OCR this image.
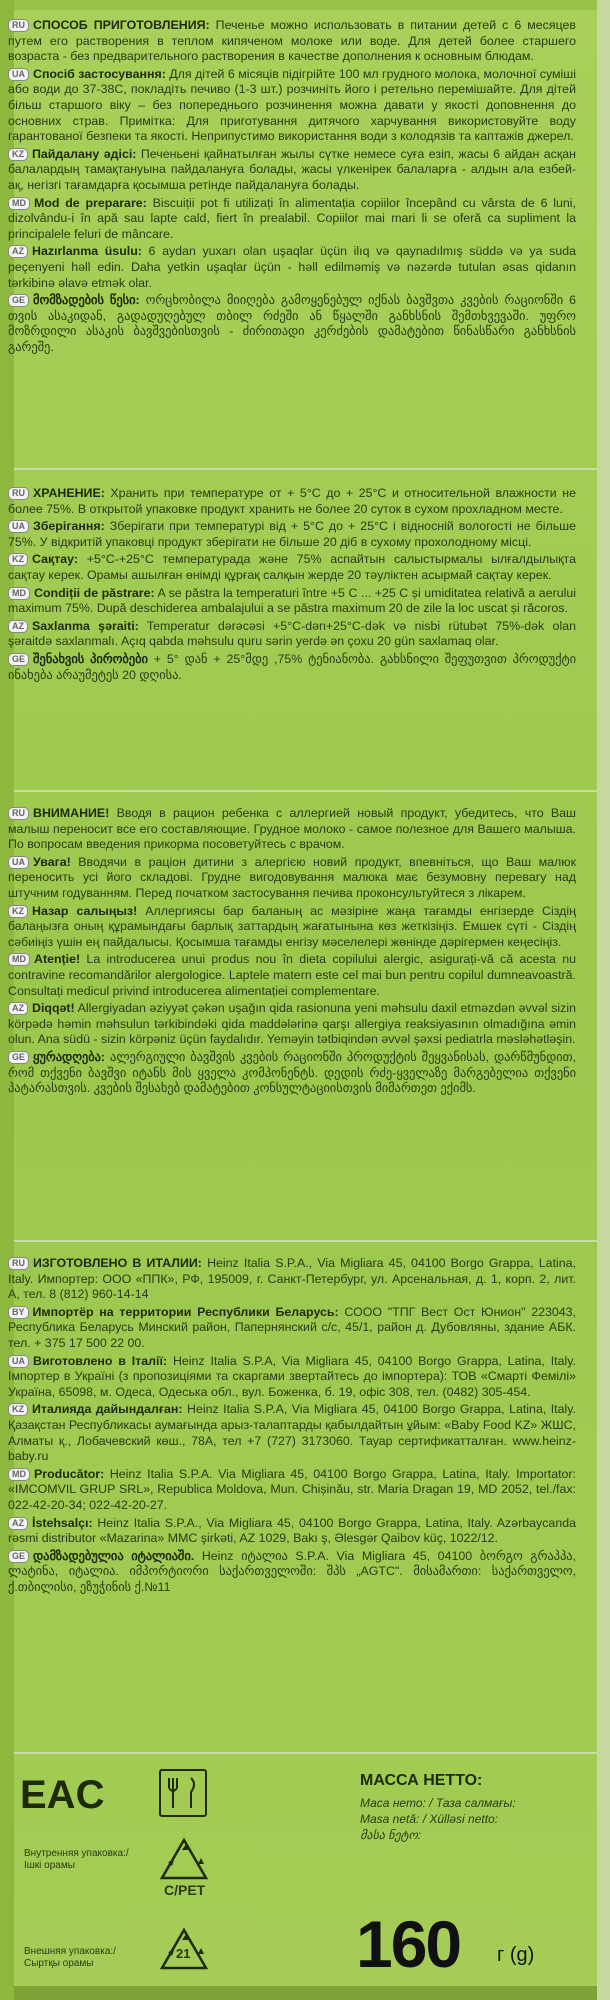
RU СПОСОБ ПРИГОТОВЛЕНИЯ: Печенье можно использовать в питании детей с 6 месяцев путем его растворения в теплом кипяченом молоке или воде. Для детей более старшего возраста - без предварительного растворения в качестве дополнения к основным блюдам.

UA Спосіб застосування: Для дітей 6 місяців підігрійте 100 мл грудного молока, молочної суміші або води до 37-38С, покладіть печиво (1-3 шт.) розчиніть його і ретельно перемішайте. Для дітей більш старшого віку – без попереднього розчинення можна давати у якості доповнення до основних страв. Примітка: Для приготування дитячого харчування використовуйте воду гарантованої безпеки та якості. Неприпустимо використання води з колодязів та каптажів джерел.

KZ Пайдалану әдісі: Печеньені қайнатылған жылы сүтке немесе суға езіп, жасы 6 айдан асқан балалардың тамақтануына пайдалануға болады, жасы үлкенірек балаларға - алдын ала езбей-ақ, негізгі тағамдарға қосымша ретінде пайдалануға болады.

MD Mod de preparare: Biscuiții pot fi utilizați în alimentația copiilor începând cu vârsta de 6 luni, dizolvându-i în apă sau lapte cald, fiert în prealabil. Copiilor mai mari li se oferă ca supliment la principalele feluri de mâncare.

AZ Hazırlanma üsulu: 6 aydan yuxarı olan uşaqlar üçün ilıq və qaynadılmış süddə və ya suda peçenyeni həll edin. Daha yetkin uşaqlar üçün - həll edilməmiş və nəzərdə tutulan əsas qidanın tərkibinə əlavə etmək olar.

GE მომზადების წესი: ორცხობილა მიიღება გამოყენებულ იქნას ბავშვთა კვების რაციონში 6 თვის ასაკიდან, გადადუღებულ თბილ რძეში ან წყალში განხსნის შემთხვევაში. უფრო მოზრდილი ასაკის ბავშვებისთვის - ძირითადი კერძების დამატებით წინასწარი განხსნის გარეშე.

RU ХРАНЕНИЕ: Хранить при температуре от + 5°С до + 25°С и относительной влажности не более 75%. В открытой упаковке продукт хранить не более 20 суток в сухом прохладном месте.

UA Зберігання: Зберігати при температурі від + 5°С до + 25°С і відносній вологості не більше 75%. У відкритій упаковці продукт зберігати не більше 20 діб в сухому прохолодному місці.

KZ Сақтау: +5°С-+25°С температурада және 75% аспайтын салыстырмалы ылғалдылықта сақтау керек. Орамы ашылған өнімді құрғақ салқын жерде 20 тәуліктен асырмай сақтау керек.

MD Condiții de păstrare: A se păstra la temperaturi între +5 C ... +25 C și umiditatea relativă a aerului maximum 75%. După deschiderea ambalajului a se păstra maximum 20 de zile la loc uscat și răcoros.

AZ Saxlanma şəraiti: Temperatur dərəcəsi +5°C-dən+25°C-dək və nisbi rütubət 75%-dək olan şəraitdə saxlanmalı. Açıq qabda məhsulu quru sərin yerdə ən çoxu 20 gün saxlamaq olar.

GE შენახვის პირობები + 5° დან + 25°მდე ,75% ტენიანობა. გახსნილი შეფუთვით პროდუქტი ინახება არაუმეტეს 20 დღისა.

RU ВНИМАНИЕ! Вводя в рацион ребенка с аллергией новый продукт, убедитесь, что Ваш малыш переносит все его составляющие. Грудное молоко - самое полезное для Вашего малыша. По вопросам введения прикорма посоветуйтесь с врачом.

UA Увага! Вводячи в раціон дитини з алергією новий продукт, впевніться, що Ваш малюк переносить усі його складові. Грудне вигодовування малюка має безумовну перевагу над штучним годуванням. Перед початком застосування печива проконсультуйтеся з лікарем.

KZ Назар салыңыз! Аллергиясы бар баланың ас мәзіріне жаңа тағамды енгізерде Сіздің балаңызға оның құрамындағы барлық заттардың жағатынына көз жеткізіңіз. Емшек сүті - Сіздің сәбиіңіз үшін ең пайдалысы. Қосымша тағамды енгізу мәселелері жөнінде дәрігермен кеңесіңіз.

MD Atenție! La introducerea unui produs nou în dieta copilului alergic, asigurați-vă că acesta nu contravine recomandărilor alergologice. Laptele matern este cel mai bun pentru copilul dumneavoastră. Consultați medicul privind introducerea alimentației complementare.

AZ Diqqət! Allergiyadan əziyyət çəkən uşağın qida rasionuna yeni məhsulu daxil etməzdən əvvəl sizin körpədə həmin məhsulun tərkibindəki qida maddələrinə qarşı allergiya reaksiyasının olmadığına əmin olun. Ana südü - sizin körpəniz üçün faydalıdır. Yeməyin tətbiqindən əvvəl şəxsi pediatrla məsləhətləşin.

GE ყურადღება: ალერგიული ბავშვის კვების რაციონში პროდუქტის შეყვანისას, დარწმუნდით, რომ თქვენი ბავშვი იტანს მის ყველა კომპონენტს. დედის რძე-ყველაზე მარგებელია თქვენი პატარასთვის. კვების შესახებ დამატებით კონსულტაციისთვის მიმართეთ ექიმს.

RU ИЗГОТОВЛЕНО В ИТАЛИИ: Heinz Italia S.P.A., Via Migliara 45, 04100 Borgo Grappa, Latina, Italy. Импортер: ООО «ППК», РФ, 195009, г. Санкт-Петербург, ул. Арсенальная, д. 1, корп. 2, лит. А, тел. 8 (812) 960-14-14

BY Импортёр на территории Республики Беларусь: СООО "ТПГ Вест Ост Юнион" 223043, Республика Беларусь Минский район, Папернянский с/с, 45/1, район д. Дубовляны, здание АБК. тел. + 375 17 500 22 00.

UA Виготовлено в Італії: Heinz Italia S.P.A, Via Migliara 45, 04100 Borgo Grappa, Latina, Italy. Імпортер в Україні (з пропозиціями та скаргами звертайтесь до імпортера): ТОВ «Смарті Фемілі» Україна, 65098, м. Одеса, Одеська обл., вул. Боженка, б. 19, офіс 308, тел. (0482) 305-454.

KZ Италияда дайындалған: Heinz Italia S.P.A, Via Migliara 45, 04100 Borgo Grappa, Latina, Italy. Қазақстан Республикасы аумағында арыз-талаптарды қабылдайтын ұйым: «Baby Food KZ» ЖШС, Алматы қ., Лобачевский көш., 78А, тел +7 (727) 3173060. Тауар сертификатталған. www.heinz-baby.ru

MD Producător: Heinz Italia S.P.A. Via Migliara 45, 04100 Borgo Grappa, Latina, Italy. Importator: «IMCOMVIL GRUP SRL», Republica Moldova, Mun. Chișinău, str. Maria Dragan 19, MD 2052, tel./fax: 022-42-20-34; 022-42-20-27.

AZ İstehsalçı: Heinz Italia S.P.A., Via Migliara 45, 04100 Borgo Grappa, Latina, Italy. Azərbaycanda rəsmi distributor «Mazarina» MMC şirkəti, AZ 1029, Bakı ş, Əlesgər Qaibov küç, 1022/12.

GE დამზადებულია იტალიაში. Heinz იტალია S.P.A. Via Migliara 45, 04100 ბორგო გრაპპა, ლატინა, იტალია. იმპორტიორი საქართველოში: შპს „AGTC". მისამართი: საქართველო, ქ.თბილისი, ეზუჭინის ქ.№11

EAC
Внутренняя упаковка:/ Ішкі орамы
C/PET
Внешняя упаковка:/ Сыртқы орамы
21
МАССА НЕТТО:
Маса нето: / Таза салмағы:
Masa netă: / Xülləsi netto:
მასა ნეტო:
160 г (g)
